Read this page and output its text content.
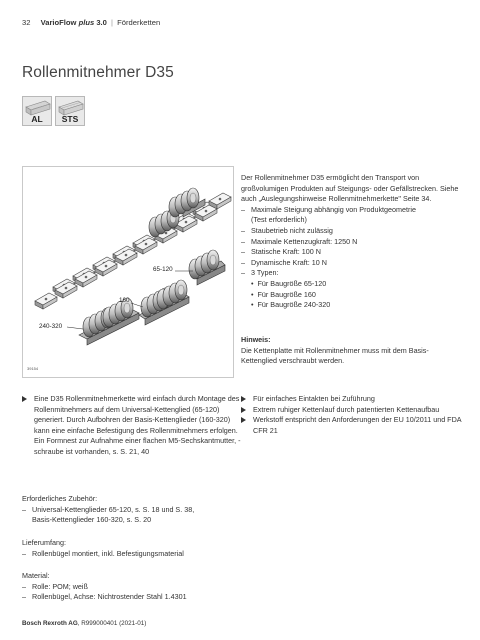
32 VarioFlow plus 3.0 | Förderketten
Rollenmitnehmer D35
AL	STS
65-120
160
240-320
39154
Der Rollenmitnehmer D35 ermöglicht den Transport von großvolumigen Produkten auf Steigungs- oder Gefällstrecken. Siehe auch „Auslegungshinweise Rollenmitnehmerkette" Seite 34.
–   Maximale Steigung abhängig von Produktgeometrie
(Test erforderlich)
–   Staubetrieb nicht zulässig
–   Maximale Kettenzugkraft: 1250 N
–   Statische Kraft: 100 N
–   Dynamische Kraft: 10 N
–   3 Typen:
•  Für Baugröße 65-120
•  Für Baugröße 160
•  Für Baugröße 240-320
Hinweis:
Die Kettenplatte mit Rollenmitnehmer muss mit dem Basis-Kettenglied verschraubt werden.
Eine D35 Rollenmitnehmerkette wird einfach durch Montage des Rollenmitnehmers auf dem Universal-Kettenglied (65-120) generiert. Durch Aufbohren der Basis-Kettenglieder (160-320) kann eine einfache Befestigung des Rollenmitnehmers erfolgen. Ein Formnest zur Aufnahme einer flachen M5-Sechskantmutter, -schraube ist vorhanden, s. S. 21, 40
Für einfaches Eintakten bei Zuführung
Extrem ruhiger Kettenlauf durch patentierten Kettenaufbau
Werkstoff entspricht den Anforderungen der EU 10/2011 und FDA CFR 21
Erforderliches Zubehör:
–   Universal-Kettenglieder 65-120, s. S. 18 und S. 38,
Basis-Kettenglieder 160-320, s. S. 20
Lieferumfang:
–   Rollenbügel montiert, inkl. Befestigungsmaterial
Material:
–   Rolle: POM; weiß
–   Rollenbügel, Achse: Nichtrostender Stahl 1.4301
Bosch Rexroth AG, R999000401 (2021-01)
